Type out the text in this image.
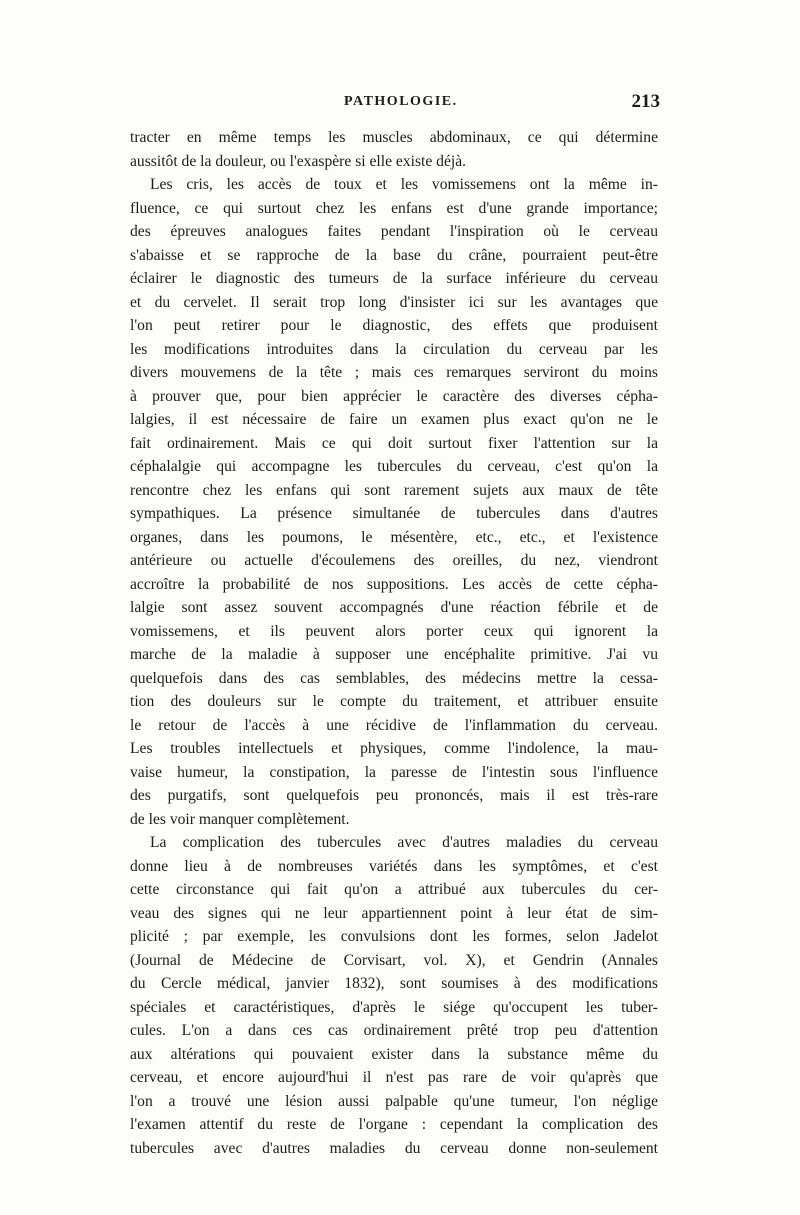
PATHOLOGIE.	213
tracter en même temps les muscles abdominaux, ce qui détermine
aussitôt de la douleur, ou l'exaspère si elle existe déjà.
Les cris, les accès de toux et les vomissemens ont la même in-
fluence, ce qui surtout chez les enfans est d'une grande importance;
des épreuves analogues faites pendant l'inspiration où le cerveau
s'abaisse et se rapproche de la base du crâne, pourraient peut-être
éclairer le diagnostic des tumeurs de la surface inférieure du cerveau
et du cervelet. Il serait trop long d'insister ici sur les avantages que
l'on peut retirer pour le diagnostic, des effets que produisent
les modifications introduites dans la circulation du cerveau par les
divers mouvemens de la tête ; mais ces remarques serviront du moins
à prouver que, pour bien apprécier le caractère des diverses cépha-
lalgies, il est nécessaire de faire un examen plus exact qu'on ne le
fait ordinairement. Mais ce qui doit surtout fixer l'attention sur la
céphalalgie qui accompagne les tubercules du cerveau, c'est qu'on la
rencontre chez les enfans qui sont rarement sujets aux maux de tête
sympathiques. La présence simultanée de tubercules dans d'autres
organes, dans les poumons, le mésentère, etc., etc., et l'existence
antérieure ou actuelle d'écoulemens des oreilles, du nez, viendront
accroître la probabilité de nos suppositions. Les accès de cette cépha-
lalgie sont assez souvent accompagnés d'une réaction fébrile et de
vomissemens, et ils peuvent alors porter ceux qui ignorent la
marche de la maladie à supposer une encéphalite primitive. J'ai vu
quelquefois dans des cas semblables, des médecins mettre la cessa-
tion des douleurs sur le compte du traitement, et attribuer ensuite
le retour de l'accès à une récidive de l'inflammation du cerveau.
Les troubles intellectuels et physiques, comme l'indolence, la mau-
vaise humeur, la constipation, la paresse de l'intestin sous l'influence
des purgatifs, sont quelquefois peu prononcés, mais il est très-rare
de les voir manquer complètement.
La complication des tubercules avec d'autres maladies du cerveau
donne lieu à de nombreuses variétés dans les symptômes, et c'est
cette circonstance qui fait qu'on a attribué aux tubercules du cer-
veau des signes qui ne leur appartiennent point à leur état de sim-
plicité ; par exemple, les convulsions dont les formes, selon Jadelot
(Journal de Médecine de Corvisart, vol. X), et Gendrin (Annales
du Cercle médical, janvier 1832), sont soumises à des modifications
spéciales et caractéristiques, d'après le siége qu'occupent les tuber-
cules. L'on a dans ces cas ordinairement prêté trop peu d'attention
aux altérations qui pouvaient exister dans la substance même du
cerveau, et encore aujourd'hui il n'est pas rare de voir qu'après que
l'on a trouvé une lésion aussi palpable qu'une tumeur, l'on néglige
l'examen attentif du reste de l'organe : cependant la complication des
tubercules avec d'autres maladies du cerveau donne non-seulement
